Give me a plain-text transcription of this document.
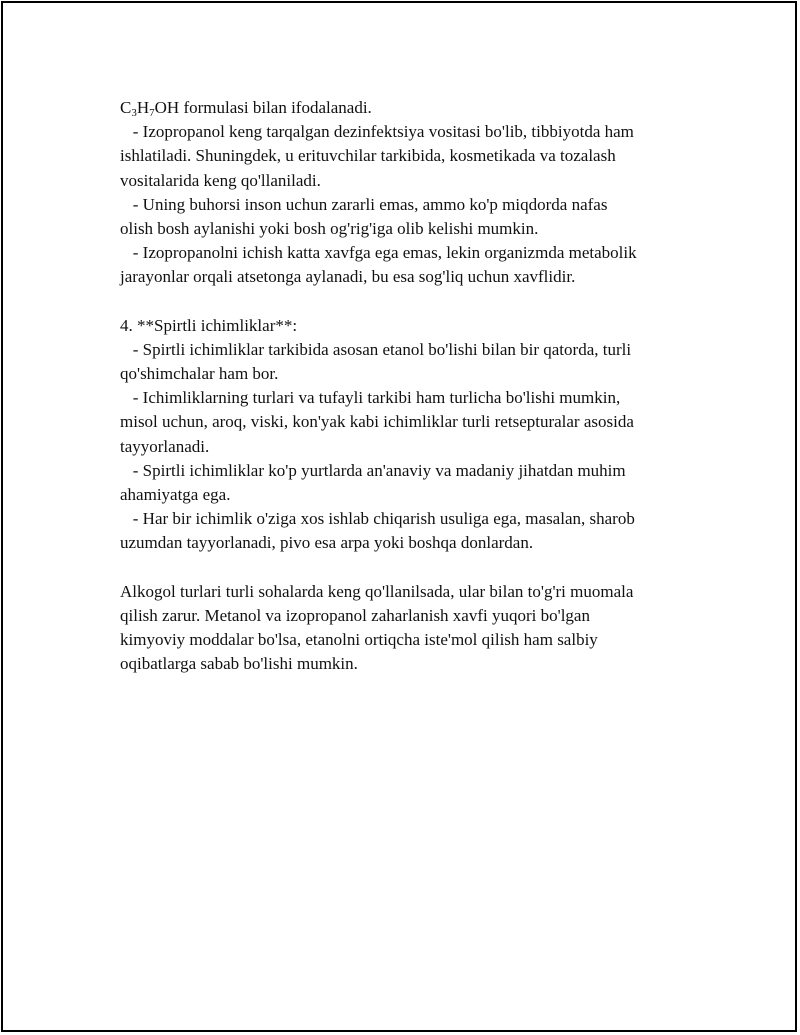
$C_3H_7OH$ formulasi bilan ifodalanadi.
- Izopropanol keng tarqalgan dezinfektsiya vositasi bo'lib, tibbiyotda ham
ishlatiladi. Shuningdek, u erituvchilar tarkibida, kosmetikada va tozalash
vositalarida keng qo'llaniladi.
- Uning buhorsi inson uchun zararli emas, ammo ko'p miqdorda nafas
olish bosh aylanishi yoki bosh og'rig'iga olib kelishi mumkin.
- Izopropanolni ichish katta xavfga ega emas, lekin organizmda metabolik
jarayonlar orqali atsetonga aylanadi, bu esa sog'liq uchun xavflidir.
4. **Spirtli ichimliklar**:
- Spirtli ichimliklar tarkibida asosan etanol bo'lishi bilan bir qatorda, turli
qo'shimchalar ham bor.
- Ichimliklarning turlari va tufayli tarkibi ham turlicha bo'lishi mumkin,
misol uchun, aroq, viski, kon'yak kabi ichimliklar turli retsepturalar asosida
tayyorlanadi.
- Spirtli ichimliklar ko'p yurtlarda an'anaviy va madaniy jihatdan muhim
ahamiyatga ega.
- Har bir ichimlik o'ziga xos ishlab chiqarish usuliga ega, masalan, sharob
uzumdan tayyorlanadi, pivo esa arpa yoki boshqa donlardan.
Alkogol turlari turli sohalarda keng qo'llanilsada, ular bilan to'g'ri muomala
qilish zarur. Metanol va izopropanol zaharlanish xavfi yuqori bo'lgan
kimyoviy moddalar bo'lsa, etanolni ortiqcha iste'mol qilish ham salbiy
oqibatlarga sabab bo'lishi mumkin.
